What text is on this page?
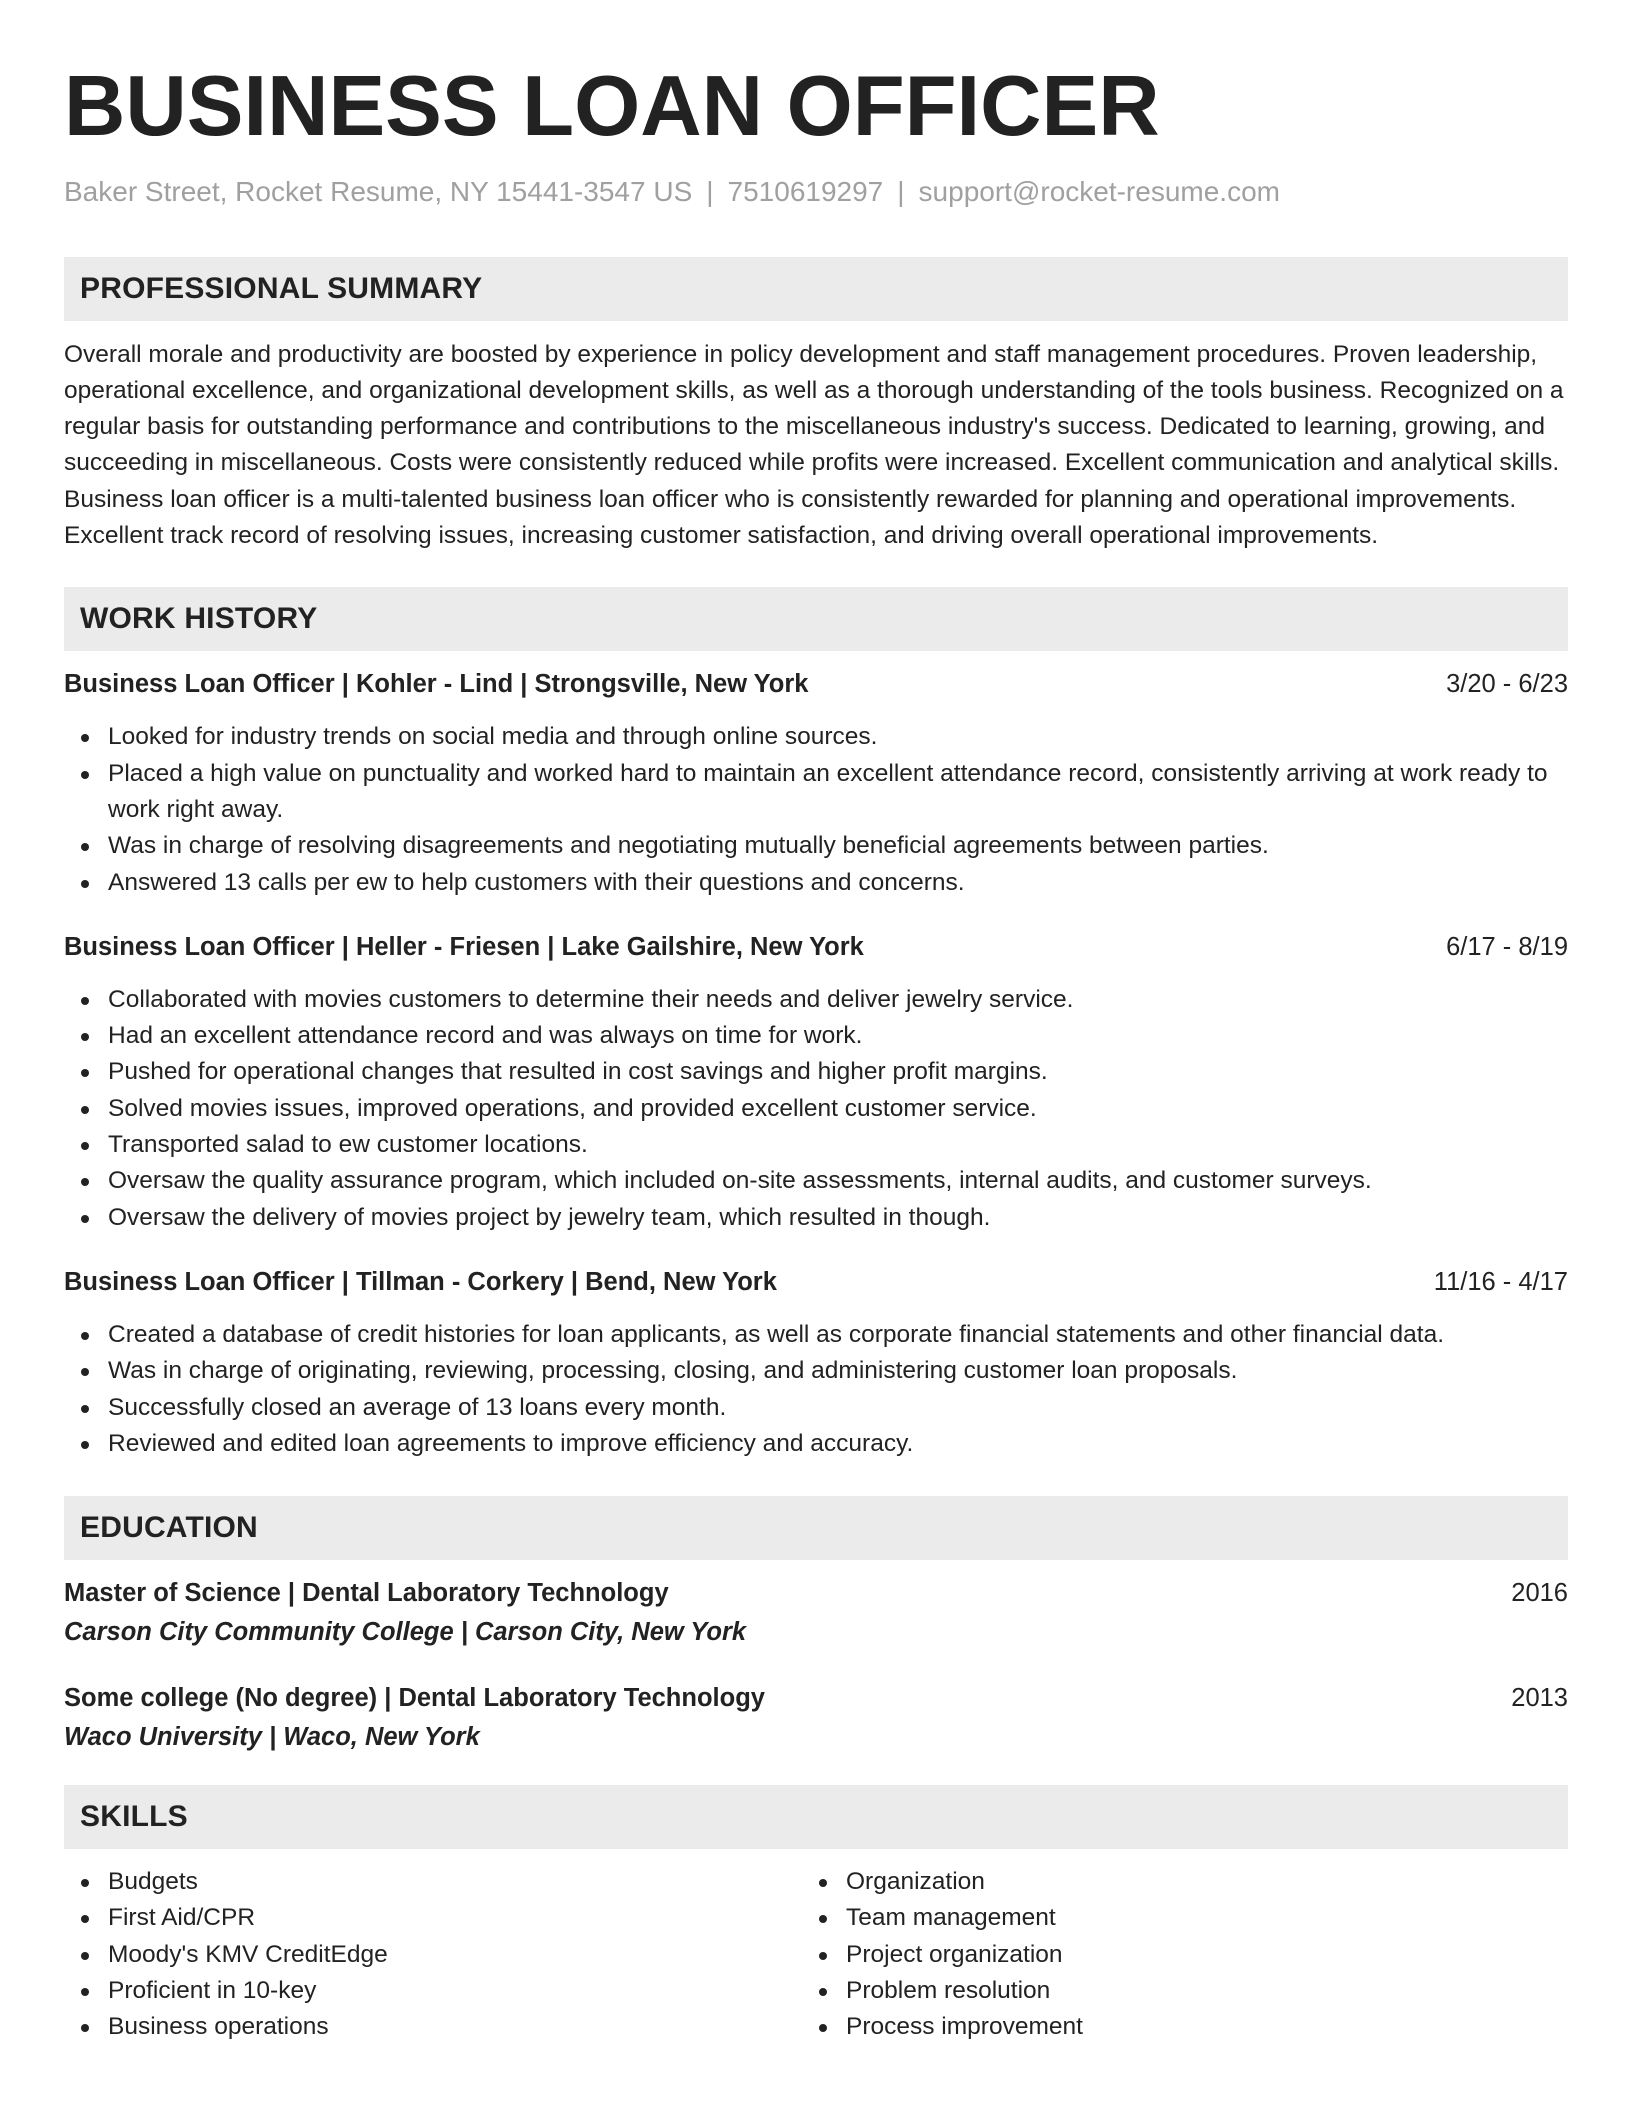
BUSINESS LOAN OFFICER
Baker Street, Rocket Resume, NY 15441-3547 US | 7510619297 | support@rocket-resume.com
PROFESSIONAL SUMMARY

Overall morale and productivity are boosted by experience in policy development and staff management procedures. Proven leadership, operational excellence, and organizational development skills, as well as a thorough understanding of the tools business. Recognized on a regular basis for outstanding performance and contributions to the miscellaneous industry's success. Dedicated to learning, growing, and succeeding in miscellaneous. Costs were consistently reduced while profits were increased. Excellent communication and analytical skills. Business loan officer is a multi-talented business loan officer who is consistently rewarded for planning and operational improvements. Excellent track record of resolving issues, increasing customer satisfaction, and driving overall operational improvements.

WORK HISTORY
Business Loan Officer | Kohler - Lind | Strongsville, New York	3/20 - 6/23
Looked for industry trends on social media and through online sources.
Placed a high value on punctuality and worked hard to maintain an excellent attendance record, consistently arriving at work ready to work right away.
Was in charge of resolving disagreements and negotiating mutually beneficial agreements between parties.
Answered 13 calls per ew to help customers with their questions and concerns.
Business Loan Officer | Heller - Friesen | Lake Gailshire, New York	6/17 - 8/19
Collaborated with movies customers to determine their needs and deliver jewelry service.
Had an excellent attendance record and was always on time for work.
Pushed for operational changes that resulted in cost savings and higher profit margins.
Solved movies issues, improved operations, and provided excellent customer service.
Transported salad to ew customer locations.
Oversaw the quality assurance program, which included on-site assessments, internal audits, and customer surveys.
Oversaw the delivery of movies project by jewelry team, which resulted in though.
Business Loan Officer | Tillman - Corkery | Bend, New York	11/16 - 4/17
Created a database of credit histories for loan applicants, as well as corporate financial statements and other financial data.
Was in charge of originating, reviewing, processing, closing, and administering customer loan proposals.
Successfully closed an average of 13 loans every month.
Reviewed and edited loan agreements to improve efficiency and accuracy.
EDUCATION
Master of Science | Dental Laboratory Technology	2016
Carson City Community College | Carson City, New York
Some college (No degree) | Dental Laboratory Technology	2013
Waco University | Waco, New York
SKILLS
Budgets
First Aid/CPR
Moody's KMV CreditEdge
Proficient in 10-key
Business operations
Organization
Team management
Project organization
Problem resolution
Process improvement
